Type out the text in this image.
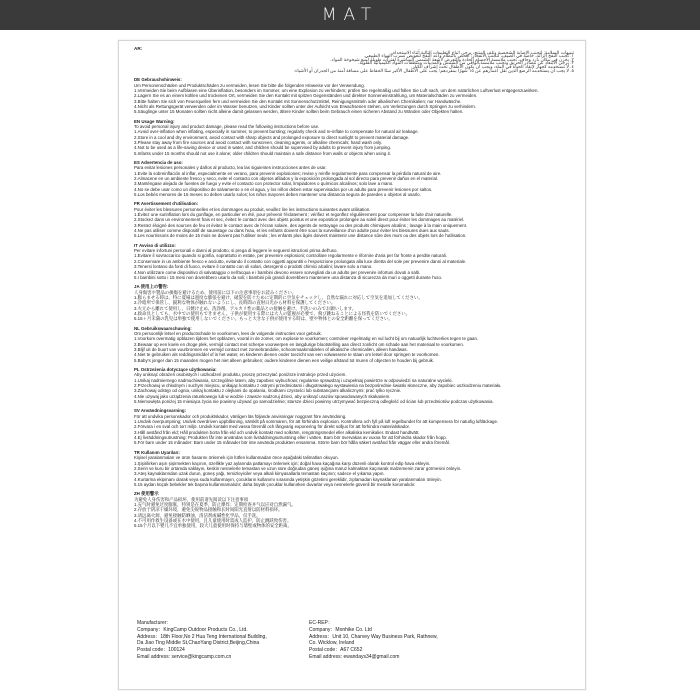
MAT
AR:
تنبيهات السلامة: لتجنب الإصابة الشخصية وتلف المنتج، يرجى اتباع التعليمات التالية أثناء الاستخدام.
١. تجنب النفخ الزائد، خاصة في الصيف، لتجنب الانفجار؛ افحص بانتظام وأعد النفخ لتعويض تسرب الهواء الطبيعي.
٢. يخزن في مكان بارد وجاف، تجنب ملامسة الأجسام الحادة والتعرض لأشعة الشمس المباشرة لفترات طويلة لمنع شيخوخة المواد.
٣. يرجى الابتعاد عن مصادر الحريق وتجنب ملامسة الواقي من الشمس والمذيبات ومنظفات المواد الكيميائية القلوية.
٤. لا تستخدمه كجهاز لإنقاذ الحياة في الماء، ويجب أن يكون الأطفال تحت إشراف الكبار.
٥. لا يجب أن يستخدمه الرضع الذين تقل أعمارهم عن ١٥ شهرًا بمفردهم؛ يجب على الأطفال الأكبر سنًا الحفاظ على مسافة آمنة من الجدران أو الأشياء.
DE Gebrauchshinweis:
Um Personenschäden und Produktschäden zu vermeiden, lesen Sie bitte die folgenden Hinweise vor der Verwendung.
1.Vermeiden Sie beim Aufblasen eine Überinflation, besonders im Sommer, um eine Explosion zu verhindern; prüfen Sie regelmäßig und füllen Sie Luft nach, um dem natürlichen Luftverlust entgegenzuwirken.
2.Lagern Sie es an einem kühlen und trockenen Ort, vermeiden Sie den Kontakt mit spitzen Gegenständen und direkter Sonneneinstrahlung, um Materialschäden zu vermeiden.
3.Bitte halten Sie sich von Feuerquellen fern und vermeiden Sie den Kontakt mit Sonnenschutzmittel, Reinigungsmitteln oder alkalischen Chemikalien; nur Handwäsche.
4.Nicht als Rettungsgerät verwenden oder im Wasser benutzen, und Kinder sollten unter der Aufsicht von Erwachsenen stehen, um Verletzungen durch Springen zu verhindern.
5.Säuglinge unter 15 Monaten sollten nicht alleine damit gelassen werden, ältere Kinder sollten beim Gebrauch einen sicheren Abstand zu Wänden oder Objekten halten.
EN Usage Warning:
To avoid personal injury and product damage, please read the following instructions before use.
1.Avoid over-inflation when inflating, especially in summer, to prevent bursting; regularly check and re-inflate to compensate for natural air leakage.
2.Store in a cool and dry environment, avoid contact with sharp objects and prolonged exposure to direct sunlight to prevent material damage.
3.Please stay away from fire sources and avoid contact with sunscreen, cleaning agents, or alkaline chemicals; hand wash only.
4.Not to be used as a life-saving device or used in water, and children should be supervised by adults to prevent injury from jumping.
5.Infants under 15 months should not use it alone; older children should maintain a safe distance from walls or objects when using it.
ES Advertencia de uso:
Para evitar lesiones personales y daños al producto, lea las siguientes instrucciones antes de usar.
1.Evite la sobreinflación al inflar, especialmente en verano, para prevenir explosiones; revise y reinfle regularmente para compensar la pérdida natural de aire.
2.Almacene en un ambiente fresco y seco, evite el contacto con objetos afilados y la exposición prolongada al sol directo para prevenir daños en el material.
3.Manténgase alejado de fuentes de fuego y evite el contacto con protector solar, limpiadores o químicos alcalinos; solo lave a mano.
4.No se debe usar como un dispositivo de salvamento o en el agua, y los niños deben estar supervisados por un adulto para prevenir lesiones por saltos.
5.Los bebés menores de 15 meses no deben usarlo solos; los niños mayores deben mantener una distancia segura de paredes u objetos al usarlo.
FR Avertissement d'utilisation:
Pour éviter les blessures personnelles et les dommages au produit, veuillez lire les instructions suivantes avant utilisation.
1.Évitez une surinflation lors du gonflage, en particulier en été, pour prévenir l'éclatement ; vérifiez et regonflez régulièrement pour compenser la fuite d'air naturelle.
2.Stockez dans un environnement frais et sec, évitez le contact avec des objets pointus et une exposition prolongée au soleil direct pour éviter les dommages au matériel.
3.Restez éloigné des sources de feu et évitez le contact avec de l'écran solaire, des agents de nettoyage ou des produits chimiques alcalins ; lavage à la main uniquement.
4.Ne pas utiliser comme dispositif de sauvetage ou dans l'eau, et les enfants doivent être sous la surveillance d'un adulte pour éviter les blessures dues aux sauts.
5.Les nourrissons de moins de 15 mois ne doivent pas l'utiliser seuls ; les enfants plus âgés doivent maintenir une distance sûre des murs ou des objets lors de l'utilisation.
IT Avviso di utilizzo:
Per evitare infortuni personali e danni al prodotto, si prega di leggere le seguenti istruzioni prima dell'uso.
1.Evitare il sovraccarico quando si gonfia, soprattutto in estate, per prevenire esplosioni; controllare regolarmente e rifornire d'aria per far fronte a perdite naturali.
2.Conservare in un ambiente fresco e asciutto, evitando il contatto con oggetti appuntiti e l'esposizione prolungata alla luce diretta del sole per prevenire danni al materiale.
3.Tenersi lontano da fonti di fuoco, evitare il contatto con oli solari, detergenti o prodotti chimici alcalini; lavare solo a mano.
4.Non utilizzare come dispositivo di salvataggio o nell'acqua e i bambini devono essere sorvegliati da un adulto per prevenire infortuni dovuti a salti.
5.I bambini sotto i 15 mesi non dovrebbero usarlo da soli; i bambini più grandi dovrebbero mantenere una distanza di sicurezza da muri o oggetti durante l'uso.
JA 使用上の警告:
人身傷害や製品の損傷を避けるため、使用前に以下の注意事項をお読みください。
1.膨らませる時は、特に夏場は過度な膨張を避け、破裂を防ぐために定期的に空気をチェックし、自然な漏れに対応して空気を追加してください。
2.冷暗所で保管し、鋭利な物体が触れないようにし、長時間の直射日光から材料を保護してください。
3.火元から離れて使用し、日焼け止め、洗浄剤、アルカリ性の薬品との接触を避け、手洗いのみでお願いします。
4.救命具としても、水中での使用もできません。子供が使用する際には大人の監視が必要で、飛び跳ねることによる怪我を防いでください。
5.15ヶ月未満の乳児は単独で使用しないでください。もっと大きな子供が使用する時は、壁や物体との安全距離を保ってください。
NL Gebruikswaarschuwing:
Om persoonlijk letsel en productschade te voorkomen, lees de volgende instructies voor gebruik.
1.Voorkom overmatig opblazen tijdens het opblazen, vooral in de zomer, om explosie te voorkomen; controleer regelmatig en vul lucht bij om natuurlijk luchtverlies tegen te gaan.
2.Bewaar op een koele en droge plek, vermijd contact met scherpe voorwerpen en langdurige blootstelling aan direct zonlicht om schade aan het materiaal te voorkomen.
3.Blijf uit de buurt van vuurbronnen en vermijd contact met zonnebrandolie, schoonmaakmiddelen of alkalische chemicaliën, alleen handwas.
4.Niet te gebruiken als reddingsmiddel of in het water, en kinderen dienen onder toezicht van een volwassene te staan om letsel door springen te voorkomen.
5.Baby's jonger dan 15 maanden mogen het niet alleen gebruiken; oudere kinderen dienen een veilige afstand tot muren of objecten te houden bij gebruik.
PL Ostrzeżenia dotyczące użytkowania:
Aby uniknąć obrażeń osobistych i uszkodzeń produktu, proszę przeczytać poniższe instrukcje przed użyciem.
1.Unikaj nadmiernego nadmuchiwania, szczególnie latem, aby zapobiec wybuchowi; regularnie sprawdzaj i uzupełniaj powietrze w odpowiedzi na naturalne wycieki.
2.Przechowuj w chłodnym i suchym miejscu, unikając kontaktu z ostrymi przedmiotami i długotrwałego wystawienia na bezpośrednie światło słoneczne, aby zapobiec uszkodzeniu materiału.
3.Zachowaj odstęp od ognia, unikaj kontaktu z olejkami do opalania, środkami czystości lub substancjami alkalicznymi; prać tylko ręcznie.
4.Nie używaj jako urządzenia ratunkowego lub w wodzie i zawsze nadzoruj dzieci, aby uniknąć urazów spowodowanych skakaniem.
5.Niemowlęta poniżej 15 miesiąca życia nie powinny używać go samodzielnie; starsze dzieci powinny utrzymywać bezpieczną odległość od ścian lub przedmiotów podczas użytkowania.
SV Användningsvarning:
För att undvika personskador och produktskador, vänligen läs följande anvisningar noggrant före användning.
1.Undvik överpumpning; Undvik överdriven uppblåsning, särskilt på sommaren, för att förhindra explosion. Kontrollera och fyll på luft regelbundet för att kompensera för naturlig luftläckage.
2.Förvara i en sval och torr miljö. Undvik kontakt med vassa föremål och långvarig exponering för direkt solljus för att förhindra materialskador.
3.Håll avstånd från eld; Håll produkten borta från eld och undvik kontakt med solkräm, rengöringsmedel eller alkaliska kemikalier. Endast handtvätt.
4.Ej livräddningsutrustning: Produkten får inte användas som livräddningsutrustning eller i vatten. Barn bör övervakas av vuxna för att förhindra skador från hopp.
5.För barn under 15 månader: Barn under 15 månader bör inte använda produkten ensamma. Större barn bör hålla säkert avstånd från väggar eller andra föremål.
TR Kullanım Uyarıları:
Kişisel yaralanmaları ve ürün hasarını önlemek için lütfen kullanmadan önce aşağıdaki talimatları okuyun.
1.Şişirilirken aşırı şişirmekten kaçının, özellikle yaz aylarında patlamayı önlemek için; doğal hava kaçağına karşı düzenli olarak kontrol edip hava ekleyin.
2.Serin ve kuru bir ortamda saklayın, keskin nesnelerle temastan ve uzun süre doğrudan güneş ışığına maruz kalmaktan kaçınarak malzemenin zarar görmesini önleyin.
3.Ateş kaynaklarından uzak durun, güneş yağı, temizleyiciler veya alkali kimyasallarla temastan kaçının; sadece el yıkama yapın.
4.Kurtarma ekipmanı olarak veya suda kullanmayın, çocukların kullanımı sırasında yetişkin gözetimi gereklidir, zıplamadan kaynaklanan yaralanmaları önleyin.
5.15 aydan küçük bebekler tek başına kullanmamalıdır; daha büyük çocuklar kullanırken duvarlar veya nesnelerle güvenli bir mesafe korumalıdır.
ZH 使用警示
为避免人身伤害和产品损坏，使用前请先阅读以下注意事项
1.充气时避免过度膨胀，特别是在夏季，防止爆炸；定期检查并气以应对自然漏气。
2.存放于阴凉干燥环境，避免尖锐物品接触和长时间阳光直射以防材料损坏。
3.请远离火源，避免接触防晒油、清洁剂或碱性化学品，仅手洗。
4.不可用作救生设备或在水中使用，且儿童使用时需成人监护，防止跳跃致伤害。
5.15个月以下婴儿不宜单独使用，较大儿童使用时保持与墙壁或物体的安全距离。
Manufacturer:
Company：KingCamp Outdoor Products Co., Ltd.
Address：18th Floor,No 2 Hua Teng International Building,
Da Jiao Ting Middle St,ChaoYang District,Beijing,China
Postal code：100124
Email address: service@kingcamp.com.cn
EC-REP：
Company：Monhike Co. Ltd
Address：Unit 10, Charvey Way Business Park, Rathnew,
Co. Wicklow, Ireland
Postal code：A67 C652
Email address: ewandays34@gmail.com
